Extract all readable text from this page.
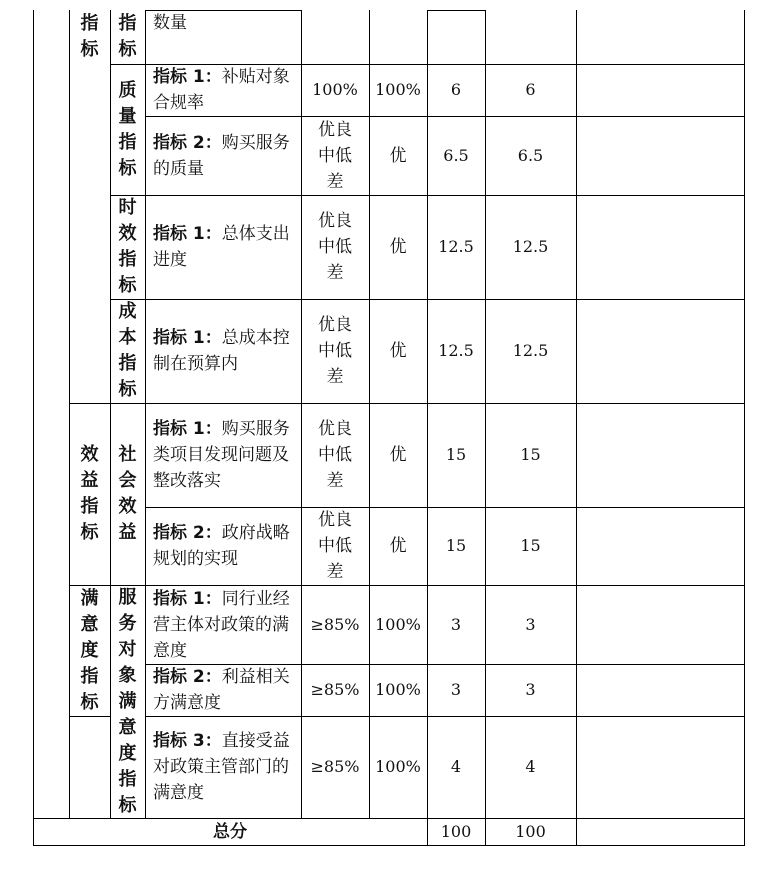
指
标
效
益
指
标
满
意
度
指
标
指
标
质
量
指
标
时
效
指
标
成
本
指
标
社
会
效
益
服
务
对
象
满
意
度
指
标
数量
指标 1：补贴对象合规率
指标 2：购买服务的质量
指标 1：总体支出进度
指标 1：总成本控制在预算内
指标 1：购买服务类项目发现问题及整改落实
指标 2：政府战略规划的实现
指标 1：同行业经营主体对政策的满意度
指标 2：利益相关方满意度
指标 3：直接受益对政策主管部门的满意度
100%
优良中低差
优良中低差
优良中低差
优良中低差
优良中低差
≥85%
≥85%
≥85%
100%
优
优
优
优
优
100%
100%
100%
6
6.5
12.5
12.5
15
15
3
3
4
6
6.5
12.5
12.5
15
15
3
3
4
总分	100	100
